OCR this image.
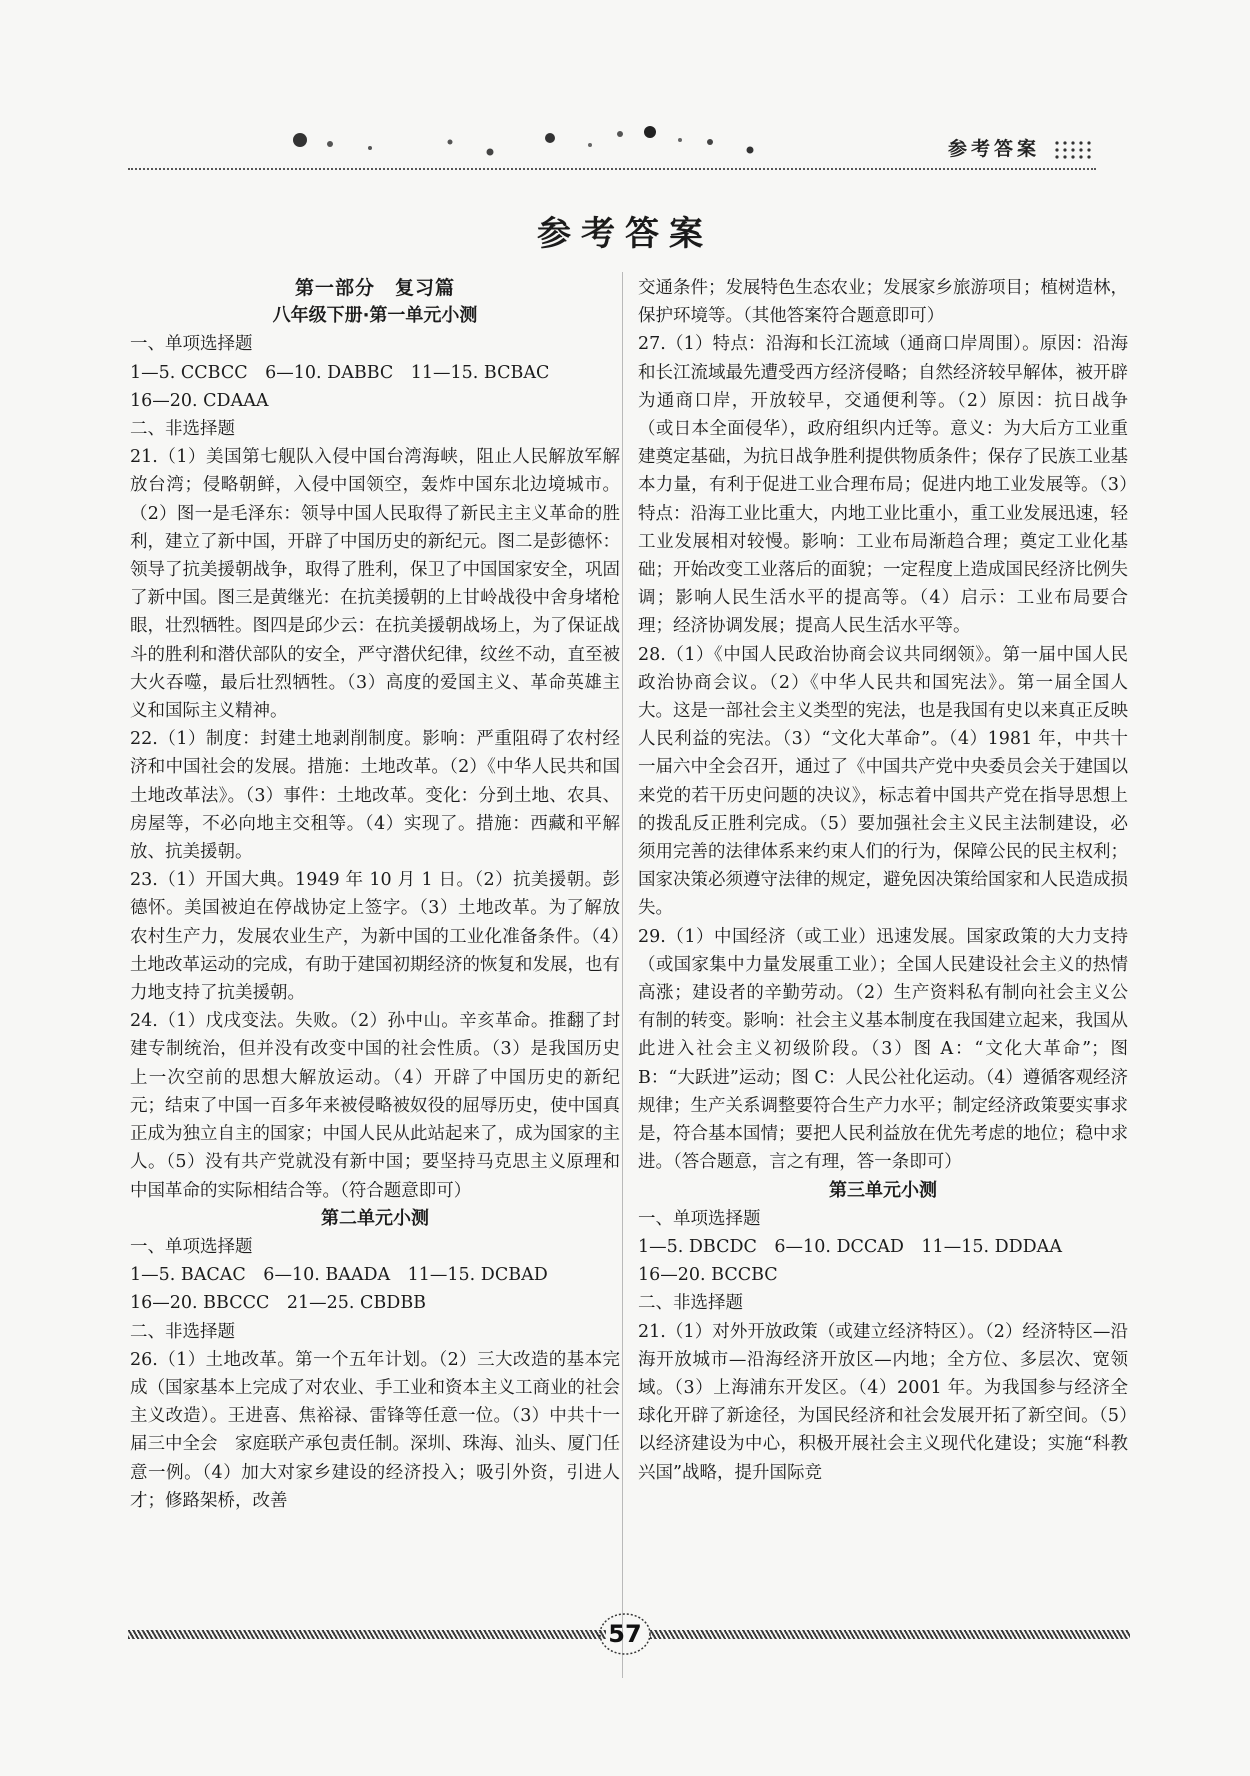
参考答案
参考答案

第一部分　复习篇

八年级下册·第一单元小测

一、单项选择题

1—5. CCBCC　6—10. DABBC　11—15. BCBAC

16—20. CDAAA

二、非选择题

21.（1）美国第七舰队入侵中国台湾海峡，阻止人民解放军解放台湾；侵略朝鲜，入侵中国领空，轰炸中国东北边境城市。（2）图一是毛泽东：领导中国人民取得了新民主主义革命的胜利，建立了新中国，开辟了中国历史的新纪元。图二是彭德怀：领导了抗美援朝战争，取得了胜利，保卫了中国国家安全，巩固了新中国。图三是黄继光：在抗美援朝的上甘岭战役中舍身堵枪眼，壮烈牺牲。图四是邱少云：在抗美援朝战场上，为了保证战斗的胜利和潜伏部队的安全，严守潜伏纪律，纹丝不动，直至被大火吞噬，最后壮烈牺牲。（3）高度的爱国主义、革命英雄主义和国际主义精神。

22.（1）制度：封建土地剥削制度。影响：严重阻碍了农村经济和中国社会的发展。措施：土地改革。（2）《中华人民共和国土地改革法》。（3）事件：土地改革。变化：分到土地、农具、房屋等，不必向地主交租等。（4）实现了。措施：西藏和平解放、抗美援朝。

23.（1）开国大典。1949 年 10 月 1 日。（2）抗美援朝。彭德怀。美国被迫在停战协定上签字。（3）土地改革。为了解放农村生产力，发展农业生产，为新中国的工业化准备条件。（4）土地改革运动的完成，有助于建国初期经济的恢复和发展，也有力地支持了抗美援朝。

24.（1）戊戌变法。失败。（2）孙中山。辛亥革命。推翻了封建专制统治，但并没有改变中国的社会性质。（3）是我国历史上一次空前的思想大解放运动。（4）开辟了中国历史的新纪元；结束了中国一百多年来被侵略被奴役的屈辱历史，使中国真正成为独立自主的国家；中国人民从此站起来了，成为国家的主人。（5）没有共产党就没有新中国；要坚持马克思主义原理和中国革命的实际相结合等。（符合题意即可）

第二单元小测

一、单项选择题

1—5. BACAC　6—10. BAADA　11—15. DCBAD

16—20. BBCCC　21—25. CBDBB

二、非选择题

26.（1）土地改革。第一个五年计划。（2）三大改造的基本完成（国家基本上完成了对农业、手工业和资本主义工商业的社会主义改造）。王进喜、焦裕禄、雷锋等任意一位。（3）中共十一届三中全会　家庭联产承包责任制。深圳、珠海、汕头、厦门任意一例。（4）加大对家乡建设的经济投入；吸引外资，引进人才；修路架桥，改善

交通条件；发展特色生态农业；发展家乡旅游项目；植树造林，保护环境等。（其他答案符合题意即可）

27.（1）特点：沿海和长江流域（通商口岸周围）。原因：沿海和长江流域最先遭受西方经济侵略；自然经济较早解体，被开辟为通商口岸，开放较早，交通便利等。（2）原因：抗日战争（或日本全面侵华），政府组织内迁等。意义：为大后方工业重建奠定基础，为抗日战争胜利提供物质条件；保存了民族工业基本力量，有利于促进工业合理布局；促进内地工业发展等。（3）特点：沿海工业比重大，内地工业比重小，重工业发展迅速，轻工业发展相对较慢。影响：工业布局渐趋合理；奠定工业化基础；开始改变工业落后的面貌；一定程度上造成国民经济比例失调；影响人民生活水平的提高等。（4）启示：工业布局要合理；经济协调发展；提高人民生活水平等。

28.（1）《中国人民政治协商会议共同纲领》。第一届中国人民政治协商会议。（2）《中华人民共和国宪法》。第一届全国人大。这是一部社会主义类型的宪法，也是我国有史以来真正反映人民利益的宪法。（3）“文化大革命”。（4）1981 年，中共十一届六中全会召开，通过了《中国共产党中央委员会关于建国以来党的若干历史问题的决议》，标志着中国共产党在指导思想上的拨乱反正胜利完成。（5）要加强社会主义民主法制建设，必须用完善的法律体系来约束人们的行为，保障公民的民主权利；国家决策必须遵守法律的规定，避免因决策给国家和人民造成损失。

29.（1）中国经济（或工业）迅速发展。国家政策的大力支持（或国家集中力量发展重工业）；全国人民建设社会主义的热情高涨；建设者的辛勤劳动。（2）生产资料私有制向社会主义公有制的转变。影响：社会主义基本制度在我国建立起来，我国从此进入社会主义初级阶段。（3）图 A：“文化大革命”；图 B：“大跃进”运动；图 C：人民公社化运动。（4）遵循客观经济规律；生产关系调整要符合生产力水平；制定经济政策要实事求是，符合基本国情；要把人民利益放在优先考虑的地位；稳中求进。（答合题意，言之有理，答一条即可）

第三单元小测

一、单项选择题

1—5. DBCDC　6—10. DCCAD　11—15. DDDAA

16—20. BCCBC

二、非选择题

21.（1）对外开放政策（或建立经济特区）。（2）经济特区—沿海开放城市—沿海经济开放区—内地；全方位、多层次、宽领域。（3）上海浦东开发区。（4）2001 年。为我国参与经济全球化开辟了新途径，为国民经济和社会发展开拓了新空间。（5）以经济建设为中心，积极开展社会主义现代化建设；实施“科教兴国”战略，提升国际竞

57
